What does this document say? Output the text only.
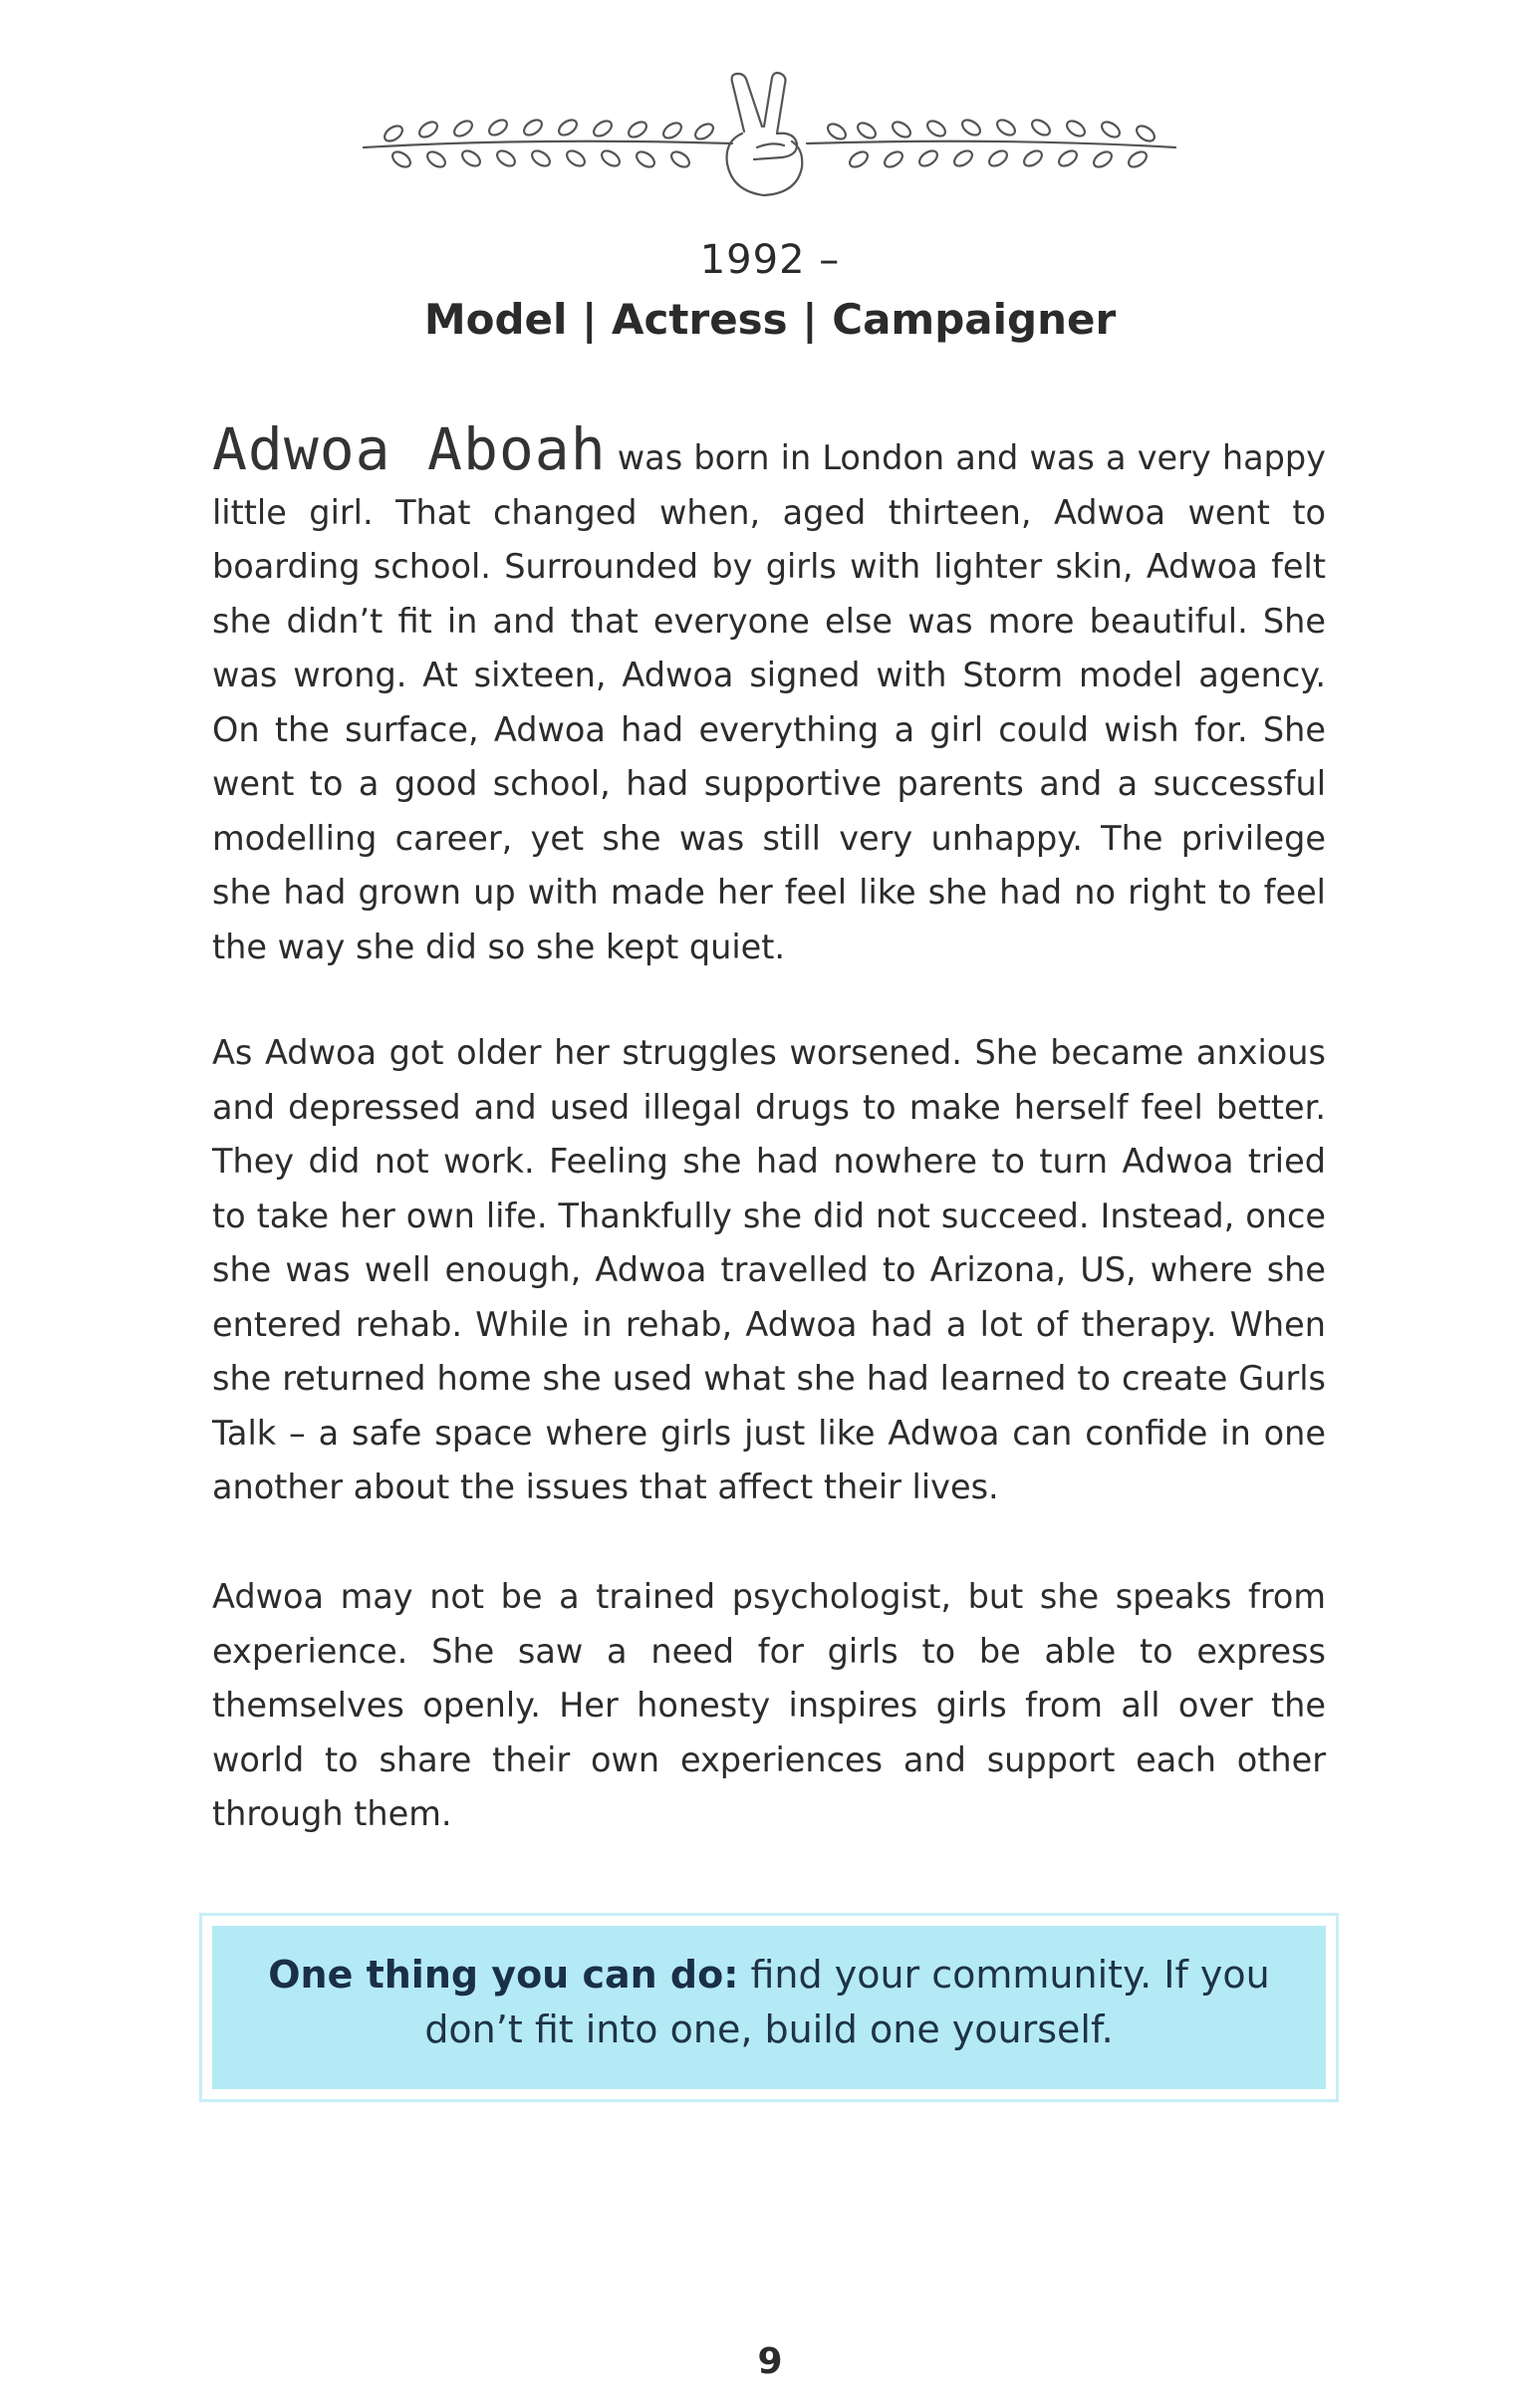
1992 –
Model | Actress | Campaigner

Adwoa Aboah was born in London and was a very happy little girl. That changed when, aged thirteen, Adwoa went to boarding school. Surrounded by girls with lighter skin, Adwoa felt she didn’t fit in and that everyone else was more beautiful. She was wrong. At sixteen, Adwoa signed with Storm model agency. On the surface, Adwoa had everything a girl could wish for. She went to a good school, had supportive parents and a successful modelling career, yet she was still very unhappy. The privilege she had grown up with made her feel like she had no right to feel the way she did so she kept quiet.

As Adwoa got older her struggles worsened. She became anxious and depressed and used illegal drugs to make herself feel better. They did not work. Feeling she had nowhere to turn Adwoa tried to take her own life. Thankfully she did not succeed. Instead, once she was well enough, Adwoa travelled to Arizona, US, where she entered rehab. While in rehab, Adwoa had a lot of therapy. When she returned home she used what she had learned to create Gurls Talk – a safe space where girls just like Adwoa can confide in one another about the issues that affect their lives.

Adwoa may not be a trained psychologist, but she speaks from experience. She saw a need for girls to be able to express themselves openly. Her honesty inspires girls from all over the world to share their own experiences and support each other through them.

One thing you can do: find your community. If you don’t fit into one, build one yourself.
9
